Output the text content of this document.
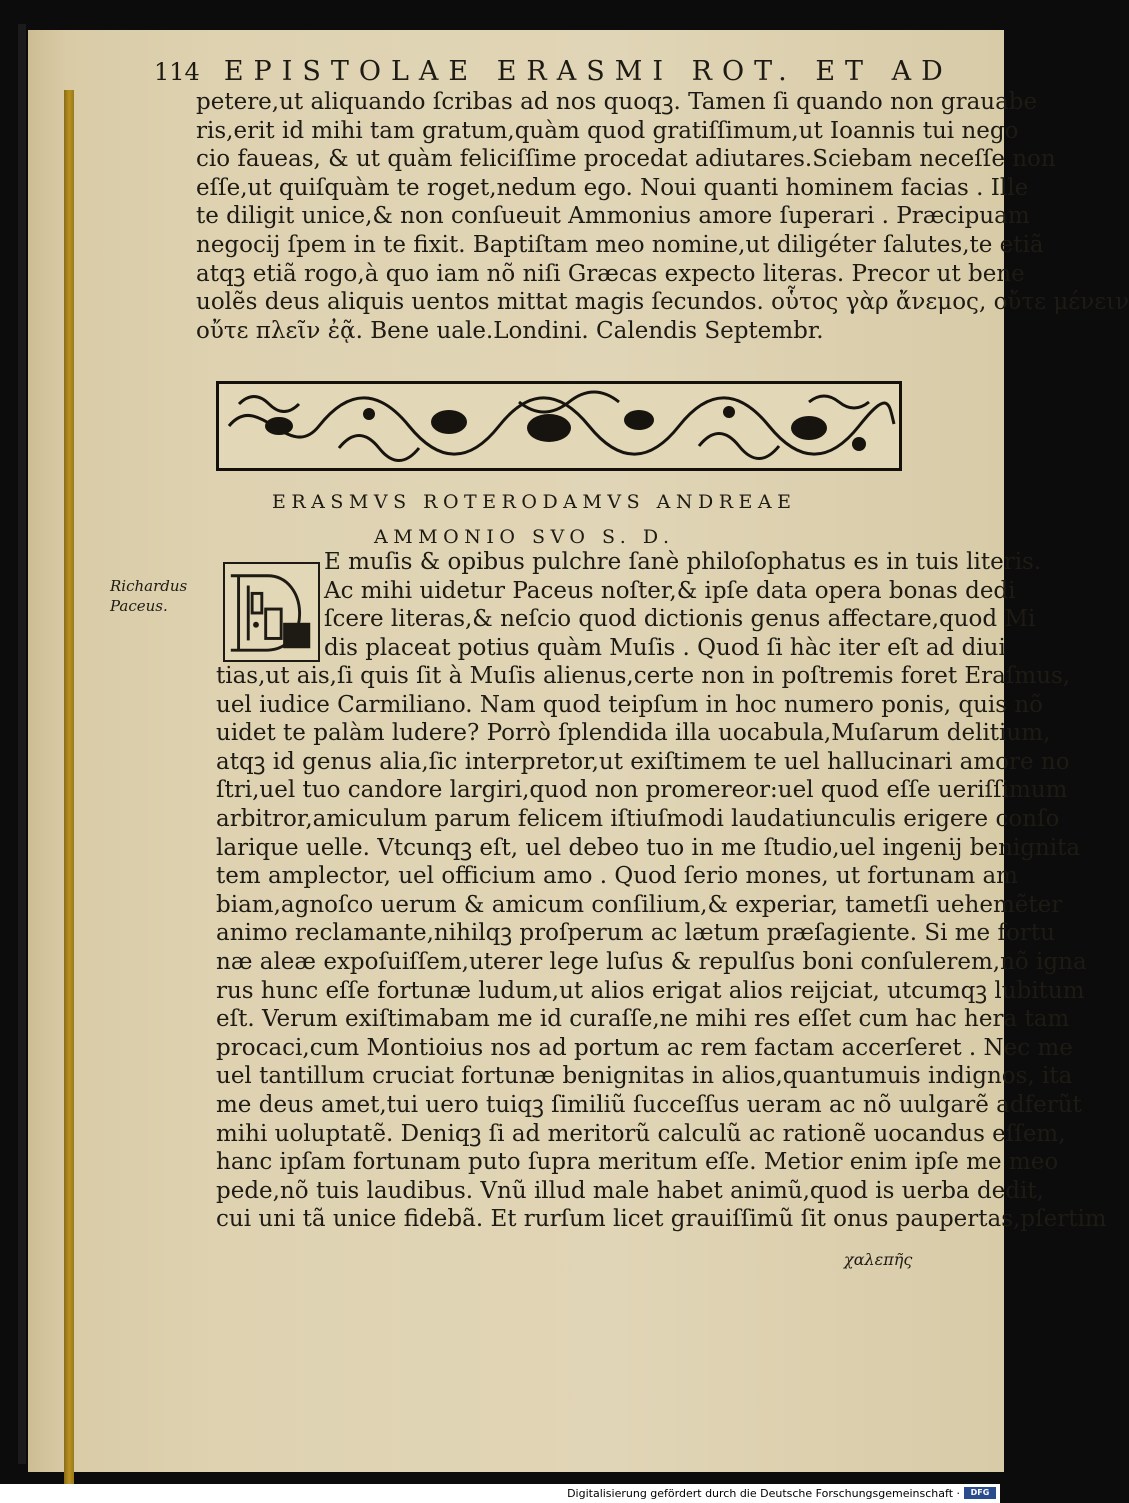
114 EPISTOLAE ERASMI ROT. ET AD
petere,ut aliquando ſcribas ad nos quoqꝫ. Tamen ſi quando non grauabe
ris,erit id mihi tam gratum,quàm quod gratiſſimum,ut Ioannis tui nego
cio faueas, & ut quàm feliciſſime procedat adiutares.Sciebam neceſſe non
eſſe,ut quiſquàm te roget,nedum ego. Noui quanti hominem facias . Ille
te diligit unice,& non conſueuit Ammonius amore ſuperari . Præcipuam
negocij ſpem in te fixit. Baptiſtam meo nomine,ut diligéter ſalutes,te etiã
atqꝫ etiã rogo,à quo iam nõ niſi Græcas expecto literas. Precor ut bene
uolẽs deus aliquis uentos mittat magis ſecundos. οὗτος γὰρ ἄνεμος, οὔτε μένειν
οὔτε πλεῖν ἐᾷ. Bene uale.Londini. Calendis Septembr.
ERASMVS ROTERODAMVS ANDREAE
AMMONIO SVO S. D.
Richardus
Paceus.
E muſis & opibus pulchre ſanè philoſophatus es in tuis literis.
Ac mihi uidetur Paceus noſter,& ipſe data opera bonas dedi
ſcere literas,& neſcio quod dictionis genus affectare,quod Mi
dis placeat potius quàm Muſis . Quod ſi hàc iter eſt ad diui
tias,ut ais,ſi quis ſit à Muſis alienus,certe non in poſtremis foret Eraſmus,
uel iudice Carmiliano. Nam quod teipſum in hoc numero ponis, quis nõ
uidet te palàm ludere? Porrò ſplendida illa uocabula,Muſarum delitium,
atqꝫ id genus alia,ſic interpretor,ut exiſtimem te uel hallucinari amore no
ſtri,uel tuo candore largiri,quod non promereor:uel quod eſſe ueriſſimum
arbitror,amiculum parum felicem iſtiuſmodi laudatiunculis erigere conſo
larique uelle. Vtcunqꝫ eſt, uel debeo tuo in me ſtudio,uel ingenij benignita
tem amplector, uel officium amo . Quod ſerio mones, ut fortunam am
biam,agnoſco uerum & amicum conſilium,& experiar, tametſi uehemẽter
animo reclamante,nihilqꝫ proſperum ac lætum præſagiente. Si me fortu
næ aleæ expoſuiſſem,uterer lege luſus & repulſus boni conſulerem,nõ igna
rus hunc eſſe fortunæ ludum,ut alios erigat alios reijciat, utcumqꝫ lubitum
eſt. Verum exiſtimabam me id curaſſe,ne mihi res eſſet cum hac hera tam
procaci,cum Montioius nos ad portum ac rem factam accerſeret . Nec me
uel tantillum cruciat fortunæ benignitas in alios,quantumuis indignos, ita
me deus amet,tui uero tuiqꝫ ſimiliũ ſucceſſus ueram ac nõ uulgarẽ adferũt
mihi uoluptatẽ. Deniqꝫ ſi ad meritorũ calculũ ac rationẽ uocandus eſſem,
hanc ipſam fortunam puto ſupra meritum eſſe. Metior enim ipſe me meo
pede,nõ tuis laudibus. Vnũ illud male habet animũ,quod is uerba dedit,
cui uni tã unice fidebã. Et rurſum licet grauiſſimũ ſit onus paupertas,pſertim
χαλεπῆς
Digitalisierung gefördert durch die Deutsche Forschungsgemeinschaft ·	DFG
